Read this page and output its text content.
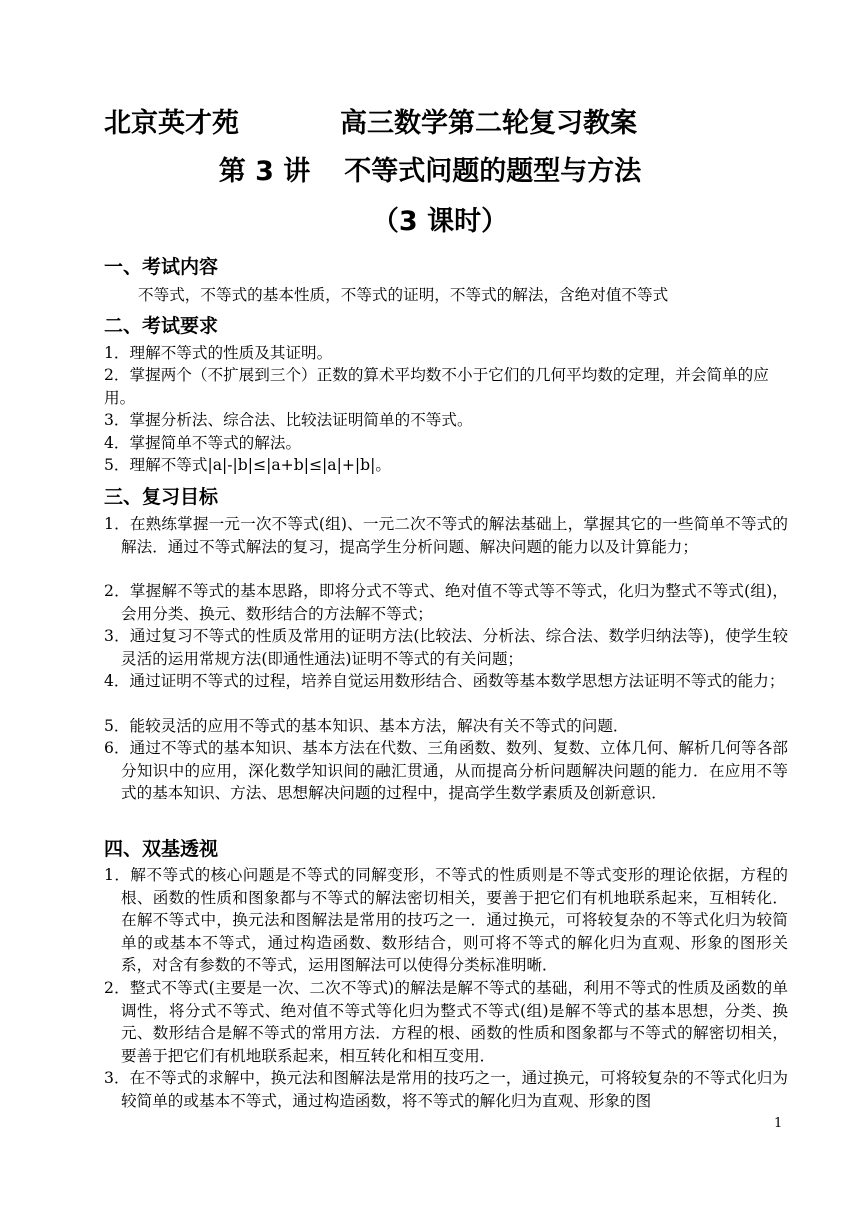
北京英才苑	高三数学第二轮复习教案
第 3 讲 不等式问题的题型与方法
（3 课时）
一、考试内容
不等式，不等式的基本性质，不等式的证明，不等式的解法，含绝对值不等式
二、考试要求
1．理解不等式的性质及其证明。
2．掌握两个（不扩展到三个）正数的算术平均数不小于它们的几何平均数的定理，并会简单的应用。
3．掌握分析法、综合法、比较法证明简单的不等式。
4．掌握简单不等式的解法。
5．理解不等式|a|-|b|≤|a+b|≤|a|+|b|。
三、复习目标
1．在熟练掌握一元一次不等式(组)、一元二次不等式的解法基础上，掌握其它的一些简单不等式的解法．通过不等式解法的复习，提高学生分析问题、解决问题的能力以及计算能力；
2．掌握解不等式的基本思路，即将分式不等式、绝对值不等式等不等式，化归为整式不等式(组)，会用分类、换元、数形结合的方法解不等式；
3．通过复习不等式的性质及常用的证明方法(比较法、分析法、综合法、数学归纳法等)，使学生较灵活的运用常规方法(即通性通法)证明不等式的有关问题；
4．通过证明不等式的过程，培养自觉运用数形结合、函数等基本数学思想方法证明不等式的能力；
5．能较灵活的应用不等式的基本知识、基本方法，解决有关不等式的问题．
6．通过不等式的基本知识、基本方法在代数、三角函数、数列、复数、立体几何、解析几何等各部分知识中的应用，深化数学知识间的融汇贯通，从而提高分析问题解决问题的能力．在应用不等式的基本知识、方法、思想解决问题的过程中，提高学生数学素质及创新意识．
四、双基透视
1．解不等式的核心问题是不等式的同解变形，不等式的性质则是不等式变形的理论依据，方程的根、函数的性质和图象都与不等式的解法密切相关，要善于把它们有机地联系起来，互相转化．在解不等式中，换元法和图解法是常用的技巧之一．通过换元，可将较复杂的不等式化归为较简单的或基本不等式，通过构造函数、数形结合，则可将不等式的解化归为直观、形象的图形关系，对含有参数的不等式，运用图解法可以使得分类标准明晰．
2．整式不等式(主要是一次、二次不等式)的解法是解不等式的基础，利用不等式的性质及函数的单调性，将分式不等式、绝对值不等式等化归为整式不等式(组)是解不等式的基本思想，分类、换元、数形结合是解不等式的常用方法．方程的根、函数的性质和图象都与不等式的解密切相关，要善于把它们有机地联系起来，相互转化和相互变用．
3．在不等式的求解中，换元法和图解法是常用的技巧之一，通过换元，可将较复杂的不等式化归为较简单的或基本不等式，通过构造函数，将不等式的解化归为直观、形象的图
1
